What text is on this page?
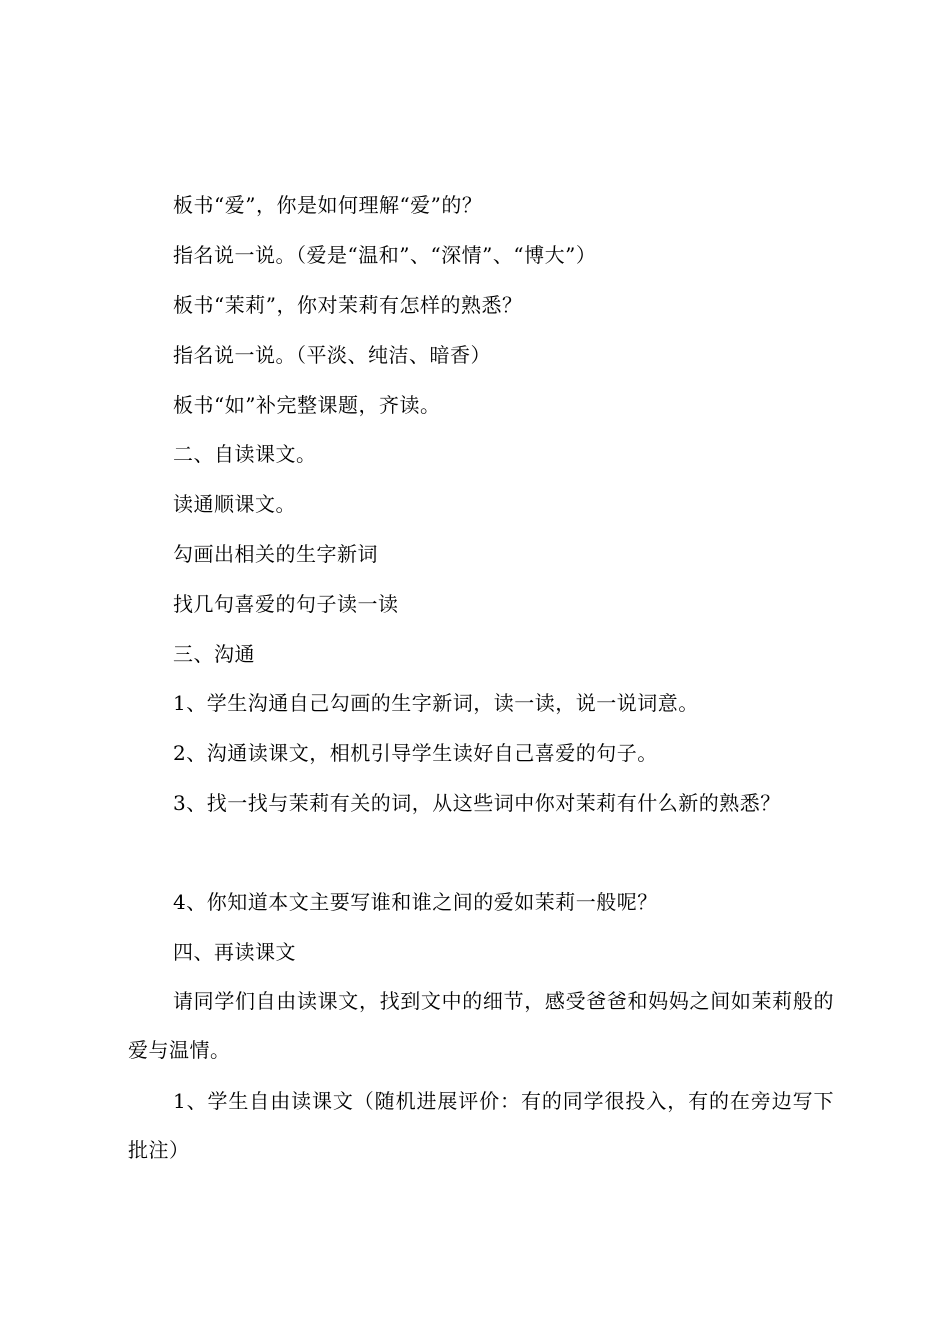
板书“爱”，你是如何理解“爱”的？
指名说一说。（爱是“温和”、“深情”、“博大”）
板书“茉莉”，你对茉莉有怎样的熟悉？
指名说一说。（平淡、纯洁、暗香）
板书“如”补完整课题，齐读。
二、自读课文。
读通顺课文。
勾画出相关的生字新词
找几句喜爱的句子读一读
三、沟通
1、学生沟通自己勾画的生字新词，读一读，说一说词意。
2、沟通读课文，相机引导学生读好自己喜爱的句子。
3、找一找与茉莉有关的词，从这些词中你对茉莉有什么新的熟悉？
4、你知道本文主要写谁和谁之间的爱如茉莉一般呢？
四、再读课文
请同学们自由读课文，找到文中的细节，感受爸爸和妈妈之间如茉莉般的爱与温情。
1、学生自由读课文（随机进展评价：有的同学很投入，有的在旁边写下批注）
